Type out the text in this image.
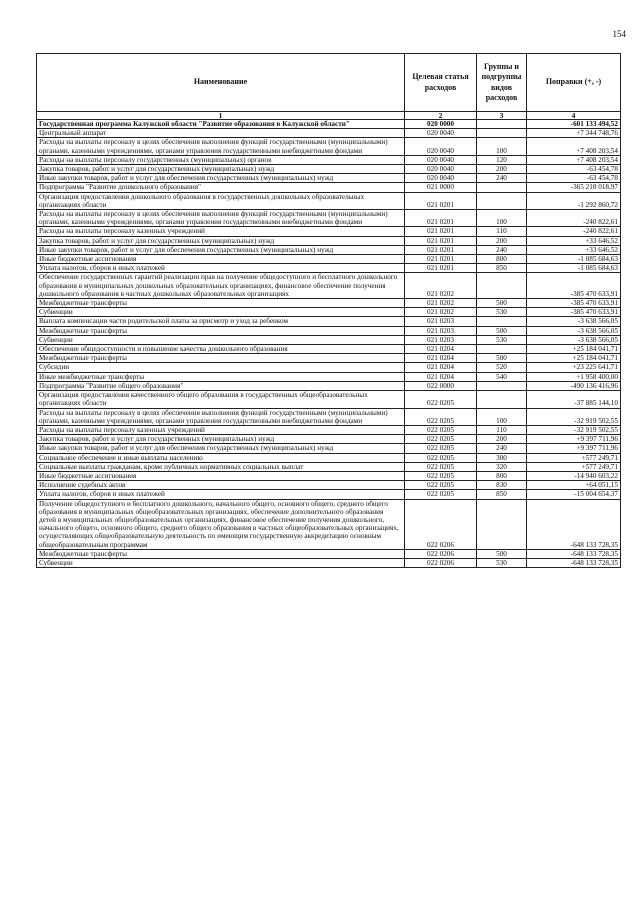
154
Наименование	Целевая статья расходов	Группы и подгруппы видов расходов	Поправки (+, -)
1	2	3	4
Государственная программа Калужской области "Развитие образования в Калужской области"	020 0000		-601 133 494,52
Центральный аппарат	020 0040		+7 344 748,76
Расходы на выплаты персоналу в целях обеспечения выполнения функций государственными (муниципальными) органами, казенными учреждениями, органами управления государственными внебюджетными фондами	020 0040	100	+7 408 203,54
Расходы на выплаты персоналу государственных (муниципальных) органов	020 0040	120	+7 408 203,54
Закупка товаров, работ и услуг для государственных (муниципальных) нужд	020 0040	200	-63 454,78
Иные закупки товаров, работ и услуг для обеспечения государственных (муниципальных) нужд	020 0040	240	-63 454,78
Подпрограмма "Развитие дошкольного образования"	021 0000		-365 218 018,97
Организация предоставления дошкольного образования в государственных дошкольных образовательных организациях области	021 0201		-1 292 860,72
Расходы на выплаты персоналу в целях обеспечения выполнения функций государственными (муниципальными) органами, казенными учреждениями, органами управления государственными внебюджетными фондами	021 0201	100	-240 822,61
Расходы на выплаты персоналу казенных учреждений	021 0201	110	-240 822,61
Закупка товаров, работ и услуг для государственных (муниципальных) нужд	021 0201	200	+33 646,52
Иные закупки товаров, работ и услуг для обеспечения государственных (муниципальных) нужд	021 0201	240	+33 646,52
Иные бюджетные ассигнования	021 0201	800	-1 085 684,63
Уплата налогов, сборов и иных платежей	021 0201	850	-1 085 684,63
Обеспечение государственных гарантий реализации прав на получение общедоступного и бесплатного дошкольного образования в муниципальных дошкольных образовательных организациях, финансовое обеспечение получения дошкольного образования в частных дошкольных образовательных организациях	021 0202		-385 470 633,91
Межбюджетные трансферты	021 0202	500	-385 470 633,91
Субвенции	021 0202	530	-385 470 633,91
Выплата компенсации части родительской платы за присмотр и уход за ребенком	021 0203		-3 638 566,05
Межбюджетные трансферты	021 0203	500	-3 638 566,05
Субвенции	021 0203	530	-3 638 566,05
Обеспечение общедоступности и повышение качества дошкольного образования	021 0204		+25 184 041,71
Межбюджетные трансферты	021 0204	500	+25 184 041,71
Субсидии	021 0204	520	+23 225 641,71
Иные межбюджетные трансферты	021 0204	540	+1 958 400,00
Подпрограмма "Развитие общего образования"	022 0000		-490 136 416,96
Организация предоставления качественного общего образования в государственных общеобразовательных организациях области	022 0205		-37 885 144,10
Расходы на выплаты персоналу в целях обеспечения выполнения функций государственными (муниципальными) органами, казенными учреждениями, органами управления государственными внебюджетными фондами	022 0205	100	-32 919 502,55
Расходы на выплаты персоналу казенных учреждений	022 0205	110	-32 919 502,55
Закупка товаров, работ и услуг для государственных (муниципальных) нужд	022 0205	200	+9 397 711,96
Иные закупки товаров, работ и услуг для обеспечения государственных (муниципальных) нужд	022 0205	240	+9 397 711,96
Социальное обеспечение и иные выплаты населению	022 0205	300	+577 249,71
Социальные выплаты гражданам, кроме публичных нормативных социальных выплат	022 0205	320	+577 249,71
Иные бюджетные ассигнования	022 0205	800	-14 940 603,22
Исполнение судебных актов	022 0205	830	+64 051,15
Уплата налогов, сборов и иных платежей	022 0205	850	-15 004 654,37
Получение общедоступного и бесплатного дошкольного, начального общего, основного общего, среднего общего образования в муниципальных общеобразовательных организациях, обеспечение дополнительного образования детей в муниципальных общеобразовательных организациях, финансовое обеспечение получения дошкольного, начального общего, основного общего, среднего общего образования в частных общеобразовательных организациях, осуществляющих общеобразовательную деятельность по имеющим государственную аккредитацию основным общеобразовательным программам	022 0206		-648 133 728,35
Межбюджетные трансферты	022 0206	500	-648 133 728,35
Субвенции	022 0206	530	-648 133 728,35
